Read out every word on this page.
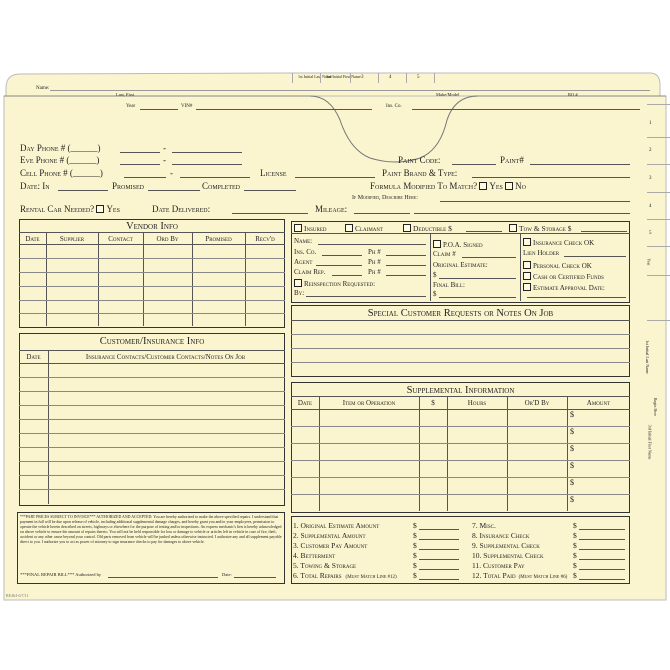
1st Initial Last Name
3rd Initial First Name 3	4	5
Name:
Last, First	Make/Model	RO #
Year	VIN#	Ins. Co.
1
2
3
4
5
Year
1st Initial Last Name
Begin Here
3rd Initial First Name
Day Phone # (______)	-
Eve Phone # (______)	-
Cell Phone # (______)	-
Date: In	Promised	Completed
License
Paint Code:	Paint#
Paint Brand & Type:
Formula Modified To Match? Yes No
If Modified, Describe Here:
Rental Car Needed? Yes	Date Delivered:	Mileage:
Vendor Info
Date	Supplier	Contact	Ord By	Promised	Recv'd
Customer/Insurance Info
Date	Insurance Contacts/Customer Contacts/Notes On Job
Insured	Claimant	Deductible $	Tow & Storage $
Name:
Ins. Co.	Ph #
Agent	Ph #
Claim Rep.	Ph #
Reinspection Requested:
By:
P.O.A. Signed
Claim #
Original Estimate:
$
Final Bill:
$
Insurance Check OK
Lien Holder
Personal Check OK
Cash or Certified Funds
Estimate Approval Date:
Special Customer Requests or Notes On Job
Supplemental Information
Date	Item or Operation	$	Hours	Or'D By	Amount
$
$
$
$
$
$
***PART PRICES SUBJECT TO INVOICE*** AUTHORIZED AND ACCEPTED: You are hereby authorized to make the above specified repairs. I understand that payment in full will be due upon release of vehicle, including additional supplemental damage charges, and hereby grant you and/or your employees, permission to operate the vehicle herein described on streets, highways or elsewhere for the purpose of testing and/or inspections. An express mechanic's lien is hereby acknowledged on above vehicle to ensure the amount of repairs thereto. You will not be held responsible for loss or damage to vehicle or articles left in vehicle in case of fire, theft, accident or any other cause beyond your control. Old parts removed from vehicle will be junked unless otherwise instructed. I authorize any and all supplement payable direct to you. I authorize you to act as power of attorney to sign insurance checks to pay for damages to above vehicle.
***FINAL REPAIR BILL*** Authorized by	Date:
1. Original Estimate Amount	$
2. Supplemental Amount	$
3. Customer Pay Amount	$
4. Betterment	$
5. Towing & Storage	$
6. Total Repairs (Must Match Line #12) $
7. Misc.	$
8. Insurance Check	$
9. Supplemental Check	$
10. Supplemental Check	$
11. Customer Pay	$
12. Total Paid (Must Match Line #6) $
RE464-6/7/11
